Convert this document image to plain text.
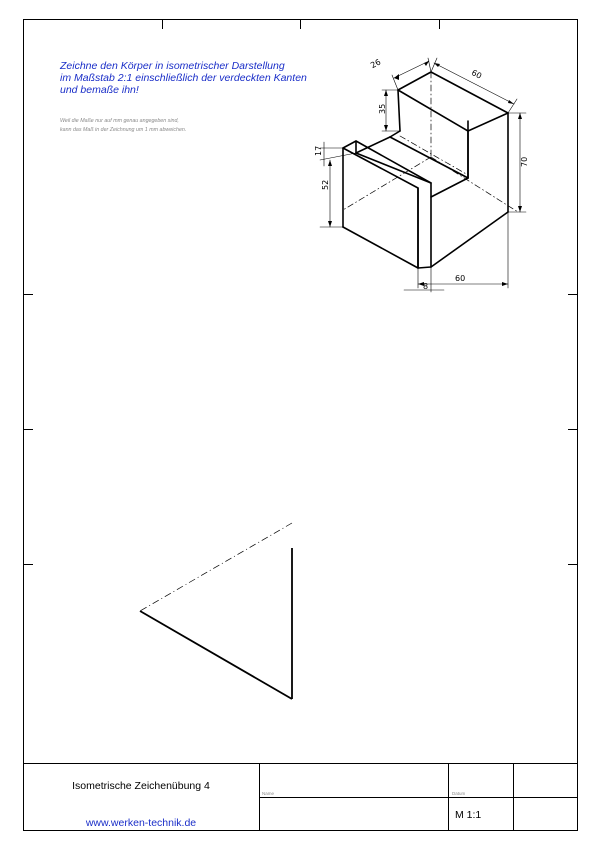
Zeichne den Körper in isometrischer Darstellung
im Maßstab 2:1 einschließlich der verdeckten Kanten
und bemaße ihn!
Weil die Maße nur auf mm genau angegeben sind,
kann das Maß in der Zeichnung um 1 mm abweichen.
26
60
35
17
52
70
60
8
Isometrische Zeichenübung 4
www.werken-technik.de
Name	Datum
M 1:1
